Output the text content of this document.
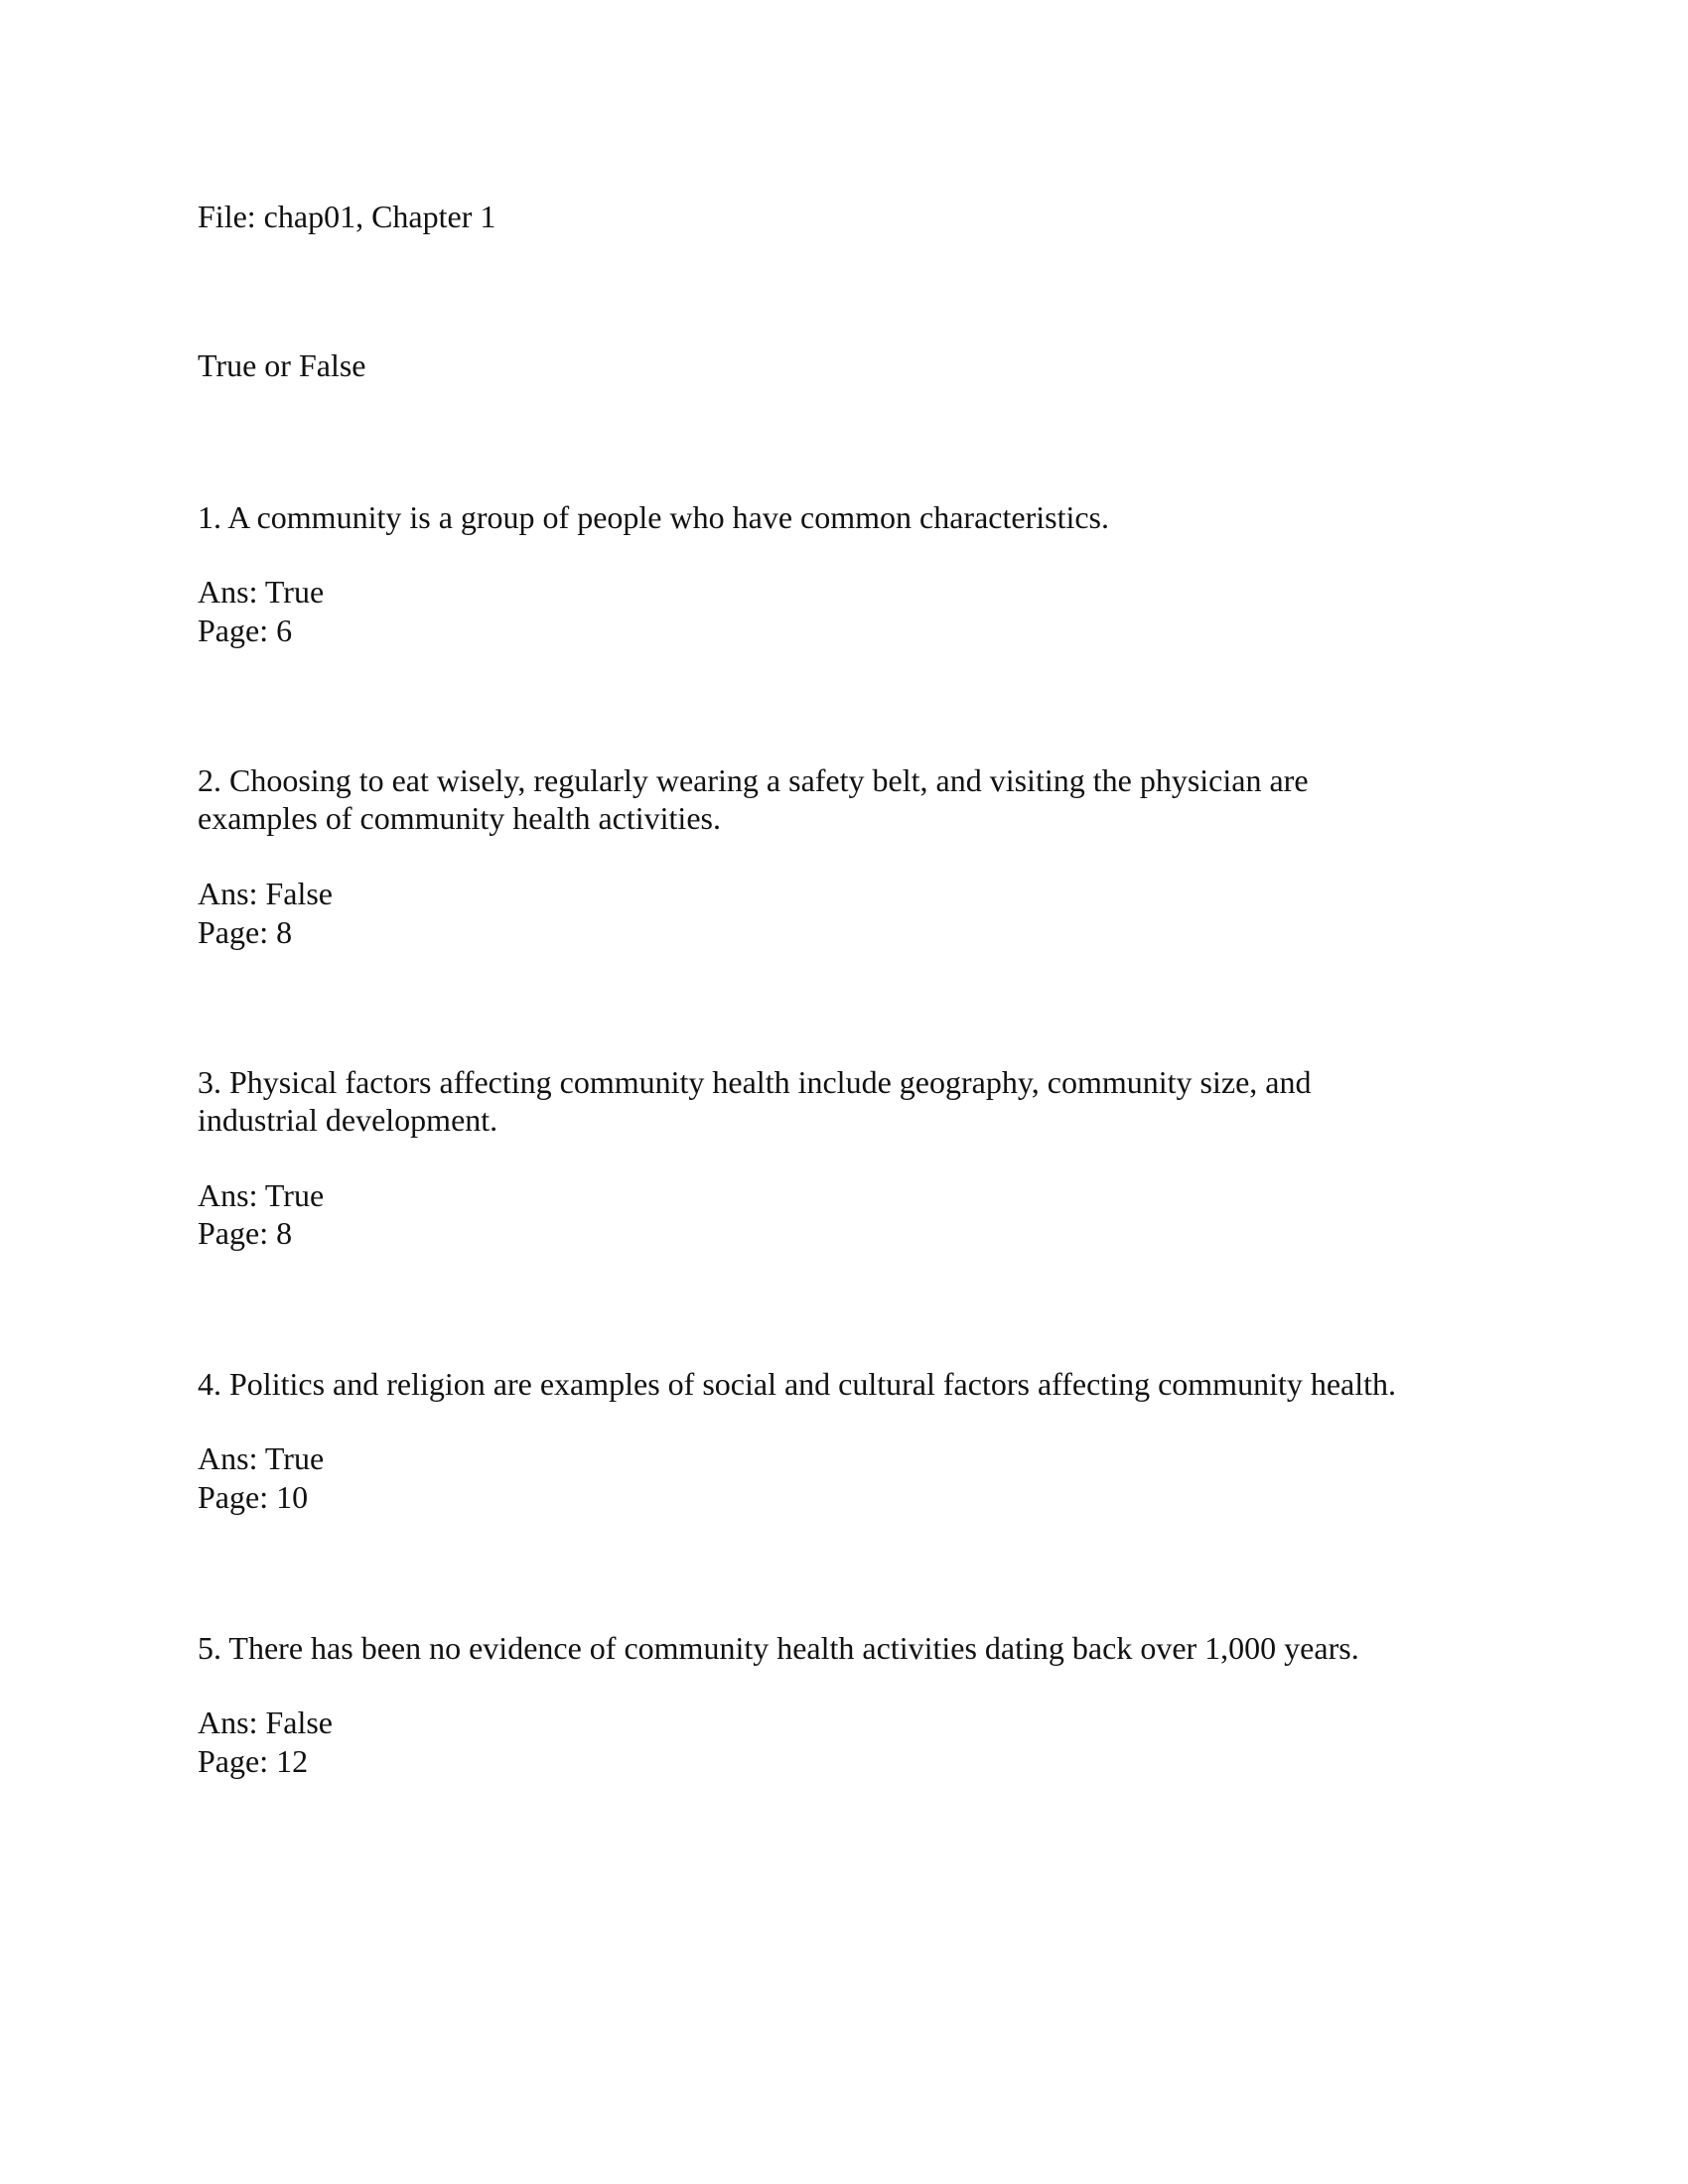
File: chap01, Chapter 1
True or False
1. A community is a group of people who have common characteristics.
Ans: True
Page: 6
2. Choosing to eat wisely, regularly wearing a safety belt, and visiting the physician are
examples of community health activities.
Ans: False
Page: 8
3. Physical factors affecting community health include geography, community size, and
industrial development.
Ans: True
Page: 8
4. Politics and religion are examples of social and cultural factors affecting community health.
Ans: True
Page: 10
5. There has been no evidence of community health activities dating back over 1,000 years.
Ans: False
Page: 12
